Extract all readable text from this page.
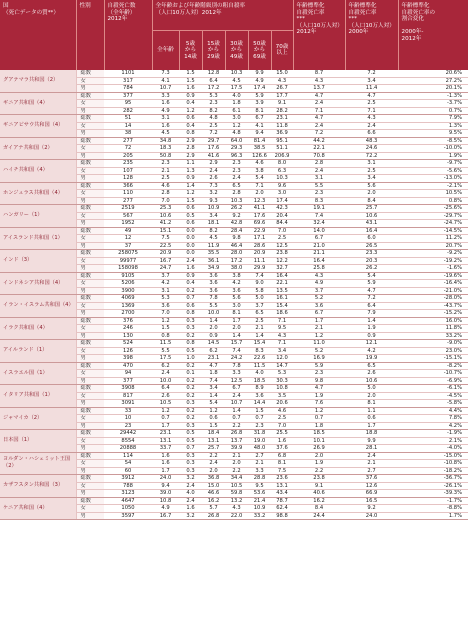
国
（死亡データの質**）	性別	自殺死亡数
（全年齢）
2012年	全年齢および年齢階級別の粗自殺率
（人口10万人対）2012年						年齢標準化
自殺死亡率
***
（人口10万人対）
2012年	年齢標準化
自殺死亡率
***
（人口10万人対）
2000年	年齢標準化
自殺死亡率の
割合変化

2000年-
2012年
			全年齢	5歳
から
14歳	15歳
から
29歳	30歳
から
49歳	50歳
から
69歳	70歳
以上			
グアテマラ共和国（2）	総数	1101	7.3	1.5	12.8	10.3	9.9	15.0	8.7	7.2	20.6%
	女	317	4.1	1.5	6.4	4.5	4.9	4.3	4.3	3.4	27.2%
	男	784	10.7	1.6	17.2	17.5	17.4	26.7	13.7	11.4	20.1%
ギニア共和国（4）	総数	377	3.3	0.9	5.3	4.0	5.9	17.7	4.7	4.7	-1.3%
	女	95	1.6	0.4	2.3	1.8	3.9	9.1	2.4	2.5	-3.7%
	男	282	4.9	1.2	8.2	6.1	8.1	28.2	7.1	7.1	0.7%
ギニアビサウ共和国（4）	総数	51	3.1	0.6	4.8	3.0	6.7	23.1	4.7	4.3	7.9%
	女	14	1.6	0.4	2.5	1.2	4.1	11.8	2.4	2.4	1.3%
	男	38	4.5	0.8	7.2	4.8	9.4	36.9	7.2	6.6	9.5%
ガイアナ共和国（2）	総数	277	34.8	2.9	29.7	64.0	81.4	95.1	44.2	48.3	-8.5%
	女	72	18.3	2.8	17.6	29.3	38.5	51.1	22.1	24.6	-10.0%
	男	205	50.8	2.9	41.6	96.3	126.6	206.9	70.8	72.2	1.9%
ハイチ共和国（4）	総数	235	2.3	1.1	2.9	2.3	4.6	8.0	2.8	3.1	-9.7%
	女	107	2.1	1.3	2.4	2.3	3.8	6.3	2.4	2.5	-5.6%
	男	128	2.5	0.9	2.6	2.4	5.4	10.3	3.1	3.4	-13.0%
ホンジュラス共和国（4）	総数	366	4.6	1.4	7.3	6.5	7.1	9.6	5.5	5.6	-2.1%
	女	110	2.8	1.2	3.2	2.8	2.0	3.0	2.3	2.0	10.5%
	男	277	7.0	1.5	9.3	10.3	12.3	17.4	8.3	8.4	0.8%
ハンガリー（1）	総数	2519	25.3	0.6	10.9	26.2	41.1	42.3	19.1	25.7	-25.6%
	女	567	10.6	0.5	3.4	9.2	17.6	20.4	7.4	10.6	-29.7%
	男	1952	41.2	0.6	18.1	42.8	69.6	84.4	32.4	43.1	-24.7%
アイスランド共和国（1）	総数	49	15.1	0.0	8.2	28.4	22.9	7.0	14.0	16.4	-14.5%
	女	12	7.5	0.0	4.5	9.8	17.1	2.5	6.7	6.0	11.2%
	男	37	22.5	0.0	11.9	46.4	28.6	12.5	21.0	26.5	20.7%
インド（3）	総数	258075	20.9	0.0	35.5	28.0	20.9	23.8	21.1	23.3	-9.2%
	女	99977	16.7	2.4	36.1	17.2	11.1	12.2	16.4	20.3	-19.2%
	男	158098	24.7	1.6	34.9	38.0	29.9	32.7	25.8	26.2	-1.6%
インドネシア共和国（4）	総数	9105	3.7	0.9	3.6	3.8	7.4	16.4	4.3	5.4	-19.6%
	女	5206	4.2	0.4	3.6	4.2	9.0	22.1	4.9	5.9	-16.4%
	男	3900	3.1	0.2	3.6	3.6	5.8	13.5	3.7	4.7	-21.0%
イラン・イスラム共和国（4）	総数	4069	5.3	0.7	7.8	5.6	5.0	16.1	5.2	7.2	-28.0%
	女	1369	3.6	0.6	5.5	3.0	3.7	15.4	3.6	6.4	-43.7%
	男	2700	7.0	0.8	10.0	8.1	6.5	18.6	6.7	7.9	-15.2%
イラク共和国（4）	総数	376	1.2	0.3	1.4	1.7	2.5	7.1	1.7	1.4	16.0%
	女	246	1.5	0.3	2.0	2.0	2.1	9.5	2.1	1.9	11.8%
	男	130	0.8	0.2	0.9	1.4	1.4	4.3	1.2	0.9	33.2%
アイルランド（1）	総数	524	11.5	0.8	14.5	15.7	15.4	7.1	11.0	12.1	-9.0%
	女	126	5.5	0.5	6.2	7.4	8.3	3.4	5.2	4.2	23.0%
	男	398	17.5	1.0	23.1	24.2	22.6	12.0	16.9	19.9	-15.1%
イスラエル国（1）	総数	470	6.2	0.2	4.7	7.8	11.5	14.7	5.9	6.5	-8.2%
	女	94	2.4	0.1	1.8	3.3	4.0	5.3	2.3	2.6	-10.7%
	男	377	10.0	0.2	7.4	12.5	18.5	30.3	9.8	10.6	-6.9%
イタリア共和国（1）	総数	3908	6.4	0.2	3.4	6.7	8.9	10.8	4.7	5.0	-6.1%
	女	817	2.6	0.2	1.4	2.4	3.6	3.5	1.9	2.0	-4.5%
	男	3091	10.5	0.3	5.4	10.7	14.4	20.6	7.6	8.1	-5.8%
ジャマイカ（2）	総数	33	1.2	0.2	1.2	1.4	1.5	4.6	1.2	1.1	4.4%
	女	10	0.7	0.2	0.6	0.7	0.7	2.5	0.7	0.6	7.8%
	男	23	1.7	0.3	1.5	2.2	2.3	7.0	1.8	1.7	4.2%
日本国（1）	総数	29442	23.1	0.5	18.4	26.8	31.8	25.5	18.5	18.8	-1.9%
	女	8554	13.1	0.5	13.1	13.7	19.0	1.6	10.1	9.9	2.1%
	男	20888	33.7	0.7	25.7	39.9	48.0	37.6	26.9	28.1	-4.0%
ヨルダン・ハシェミット王国（2）	総数	114	1.6	0.3	2.2	2.1	2.7	6.8	2.0	2.4	-15.0%
	女	54	1.6	0.3	2.4	2.0	2.1	8.1	1.9	2.1	-10.8%
	男	60	1.7	0.3	2.0	2.2	3.3	7.5	2.2	2.7	-18.2%
カザフスタン共和国（3）	総数	3912	24.0	3.2	36.8	34.4	28.8	23.6	23.8	37.6	-36.7%
	女	788	9.4	2.4	15.0	10.5	9.5	13.1	9.1	12.6	-26.1%
	男	3123	39.0	4.0	46.6	59.8	53.6	43.4	40.6	66.9	-39.3%
ケニア共和国（4）	総数	4647	10.8	2.4	16.2	13.2	21.4	78.7	16.2	16.5	-1.7%
	女	1050	4.9	1.6	5.7	4.3	10.9	62.4	8.4	9.2	-8.8%
	男	3597	16.7	3.2	26.8	22.0	33.2	98.8	24.4	24.0	1.7%
